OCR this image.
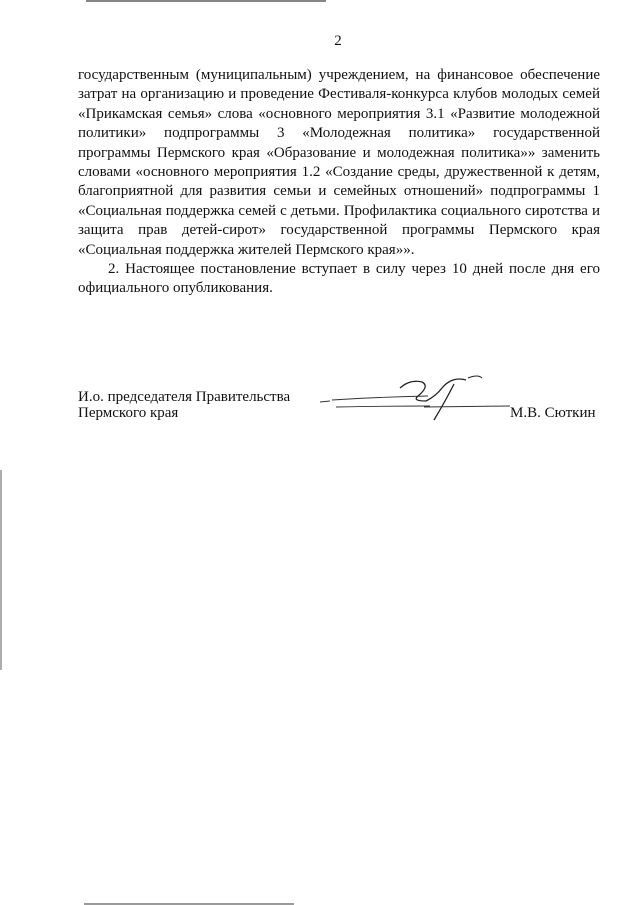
2

государственным (муниципальным) учреждением, на финансовое обеспечение затрат на организацию и проведение Фестиваля-конкурса клубов молодых семей «Прикамская семья» слова «основного мероприятия 3.1 «Развитие молодежной политики» подпрограммы 3 «Молодежная политика» государственной программы Пермского края «Образование и молодежная политика»» заменить словами «основного мероприятия 1.2 «Создание среды, дружественной к детям, благоприятной для развития семьи и семейных отношений» подпрограммы 1 «Социальная поддержка семей с детьми. Профилактика социального сиротства и защита прав детей-сирот» государственной программы Пермского края «Социальная поддержка жителей Пермского края»».

2. Настоящее постановление вступает в силу через 10 дней после дня его официального опубликования.

И.о. председателя Правительства
Пермского края	М.В. Сюткин
